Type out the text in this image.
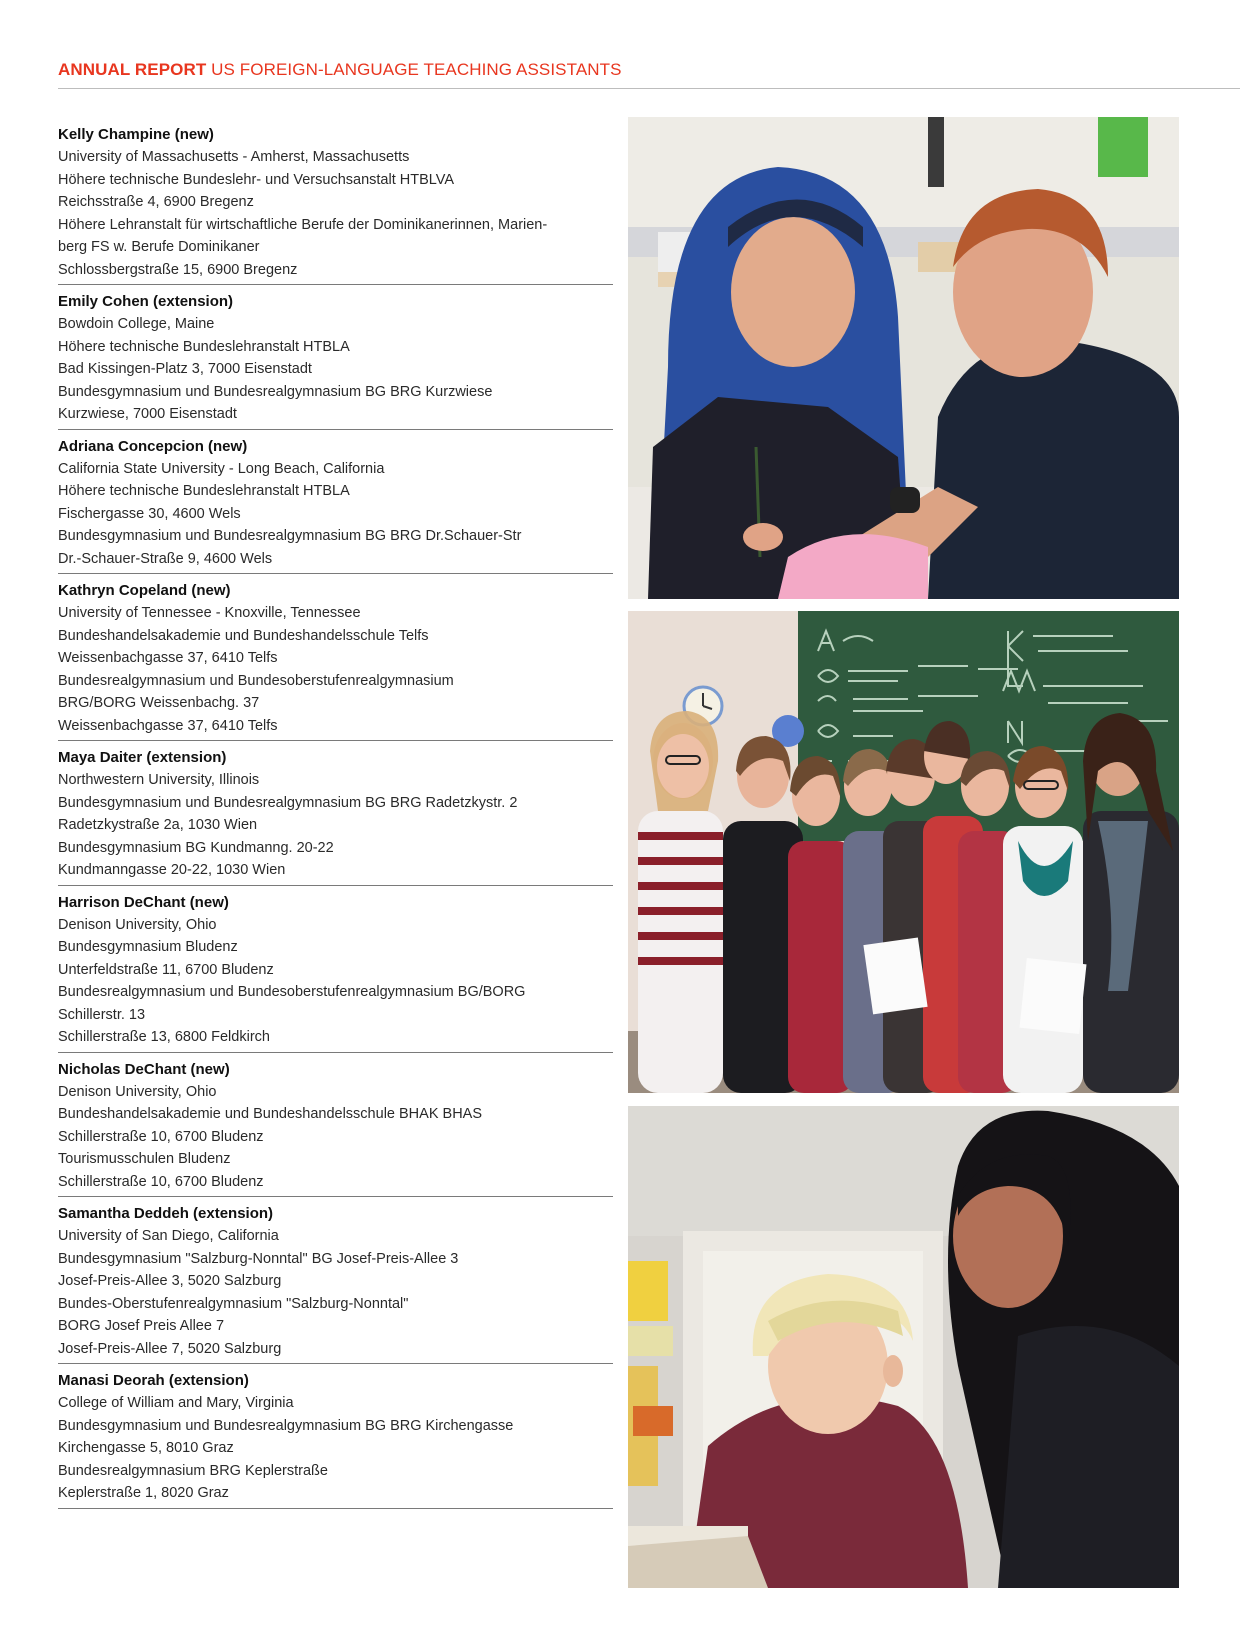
ANNUAL REPORT US FOREIGN-LANGUAGE TEACHING ASSISTANTS
Kelly Champine (new)
University of Massachusetts - Amherst, Massachusetts
Höhere technische Bundeslehr- und Versuchsanstalt HTBLVA
Reichsstraße 4, 6900 Bregenz
Höhere Lehranstalt für wirtschaftliche Berufe der Dominikanerinnen, Marien-
berg FS w. Berufe Dominikaner
Schlossbergstraße 15, 6900 Bregenz
Emily Cohen (extension)
Bowdoin College, Maine
Höhere technische Bundeslehranstalt HTBLA
Bad Kissingen-Platz 3, 7000 Eisenstadt
Bundesgymnasium und Bundesrealgymnasium BG BRG Kurzwiese
Kurzwiese, 7000 Eisenstadt
Adriana Concepcion (new)
California State University - Long Beach, California
Höhere technische Bundeslehranstalt HTBLA
Fischergasse 30, 4600 Wels
Bundesgymnasium und Bundesrealgymnasium BG BRG Dr.Schauer-Str
Dr.-Schauer-Straße 9, 4600 Wels
Kathryn Copeland (new)
University of Tennessee - Knoxville, Tennessee
Bundeshandelsakademie und Bundeshandelsschule Telfs
Weissenbachgasse 37, 6410 Telfs
Bundesrealgymnasium und Bundesoberstufenrealgymnasium
BRG/BORG Weissenbachg. 37
Weissenbachgasse 37, 6410 Telfs
Maya Daiter (extension)
Northwestern University, Illinois
Bundesgymnasium und Bundesrealgymnasium BG BRG Radetzkystr. 2
Radetzkystraße 2a, 1030 Wien
Bundesgymnasium BG Kundmanng. 20-22
Kundmanngasse 20-22, 1030 Wien
Harrison DeChant (new)
Denison University, Ohio
Bundesgymnasium Bludenz
Unterfeldstraße 11, 6700 Bludenz
Bundesrealgymnasium und Bundesoberstufenrealgymnasium BG/BORG
Schillerstr. 13
Schillerstraße 13, 6800 Feldkirch
Nicholas DeChant (new)
Denison University, Ohio
Bundeshandelsakademie und Bundeshandelsschule BHAK BHAS
Schillerstraße 10, 6700 Bludenz
Tourismusschulen Bludenz
Schillerstraße 10, 6700 Bludenz
Samantha Deddeh (extension)
University of San Diego, California
Bundesgymnasium "Salzburg-Nonntal" BG Josef-Preis-Allee 3
Josef-Preis-Allee 3, 5020 Salzburg
Bundes-Oberstufenrealgymnasium "Salzburg-Nonntal"
BORG Josef Preis Allee 7
Josef-Preis-Allee 7, 5020 Salzburg
Manasi Deorah (extension)
College of William and Mary, Virginia
Bundesgymnasium und Bundesrealgymnasium BG BRG Kirchengasse
Kirchengasse 5, 8010 Graz
Bundesrealgymnasium BRG Keplerstraße
Keplerstraße 1, 8020 Graz
